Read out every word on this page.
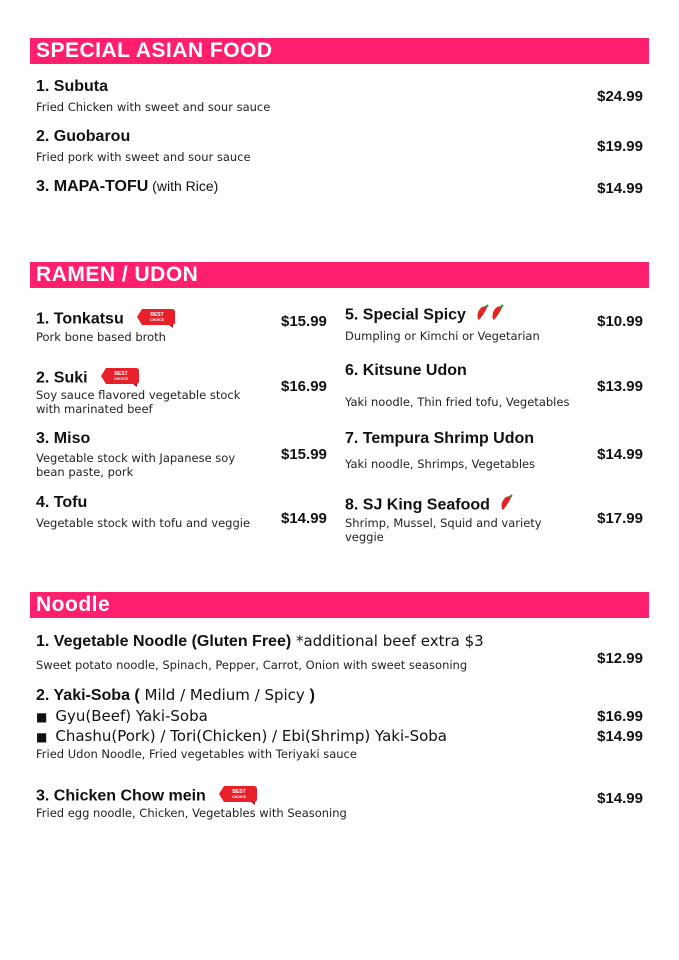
SPECIAL ASIAN FOOD
1. Subuta
Fried Chicken with sweet and sour sauce
$24.99
2. Guobarou
Fried pork with sweet and sour sauce
$19.99
3. MAPA-TOFU (with Rice)	$14.99
RAMEN / UDON
1. Tonkatsu	BEST
CHOICE
Pork bone based broth
$15.99
2. Suki	BEST
CHOICE
Soy sauce flavored vegetable stock with marinated beef
$16.99
3. Miso
Vegetable stock with Japanese soy bean paste, pork
$15.99
4. Tofu
Vegetable stock with tofu and veggie $14.99
5. Special Spicy
Dumpling or Kimchi or Vegetarian
$10.99
6. Kitsune Udon
Yaki noodle, Thin fried tofu, Vegetables
$13.99
7. Tempura Shrimp Udon
Yaki noodle, Shrimps, Vegetables
$14.99
8. SJ King Seafood
Shrimp, Mussel, Squid and variety veggie
$17.99
Noodle
1. Vegetable Noodle (Gluten Free) *additional beef extra $3
Sweet potato noodle, Spinach, Pepper, Carrot, Onion with sweet seasoning	$12.99
2. Yaki-Soba ( Mild / Medium / Spicy )
■ Gyu(Beef) Yaki-Soba	$16.99
■ Chashu(Pork) / Tori(Chicken) / Ebi(Shrimp) Yaki-Soba	$14.99
Fried Udon Noodle, Fried vegetables with Teriyaki sauce
3. Chicken Chow mein	BEST
CHOICE
Fried egg noodle, Chicken, Vegetables with Seasoning
$14.99
